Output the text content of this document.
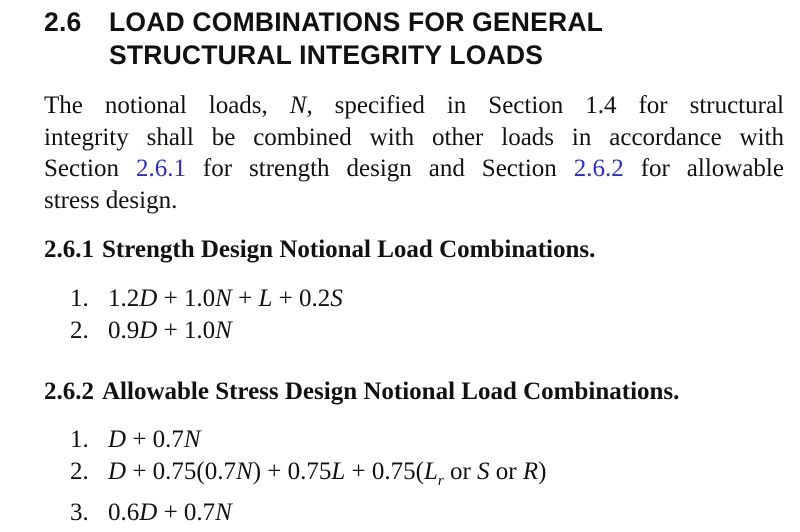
2.6	LOAD COMBINATIONS FOR GENERAL
STRUCTURAL INTEGRITY LOADS
The notional loads, N, specified in Section 1.4 for structural
integrity shall be combined with other loads in accordance with
Section 2.6.1 for strength design and Section 2.6.2 for allowable
stress design.
2.6.1 Strength Design Notional Load Combinations.
1. 1.2D + 1.0N + L + 0.2S
2. 0.9D + 1.0N
2.6.2 Allowable Stress Design Notional Load Combinations.
1. D + 0.7N
2. $D + 0.75(0.7N) + 0.75L + 0.75(L_r$ or S or R)
3. 0.6D + 0.7N
